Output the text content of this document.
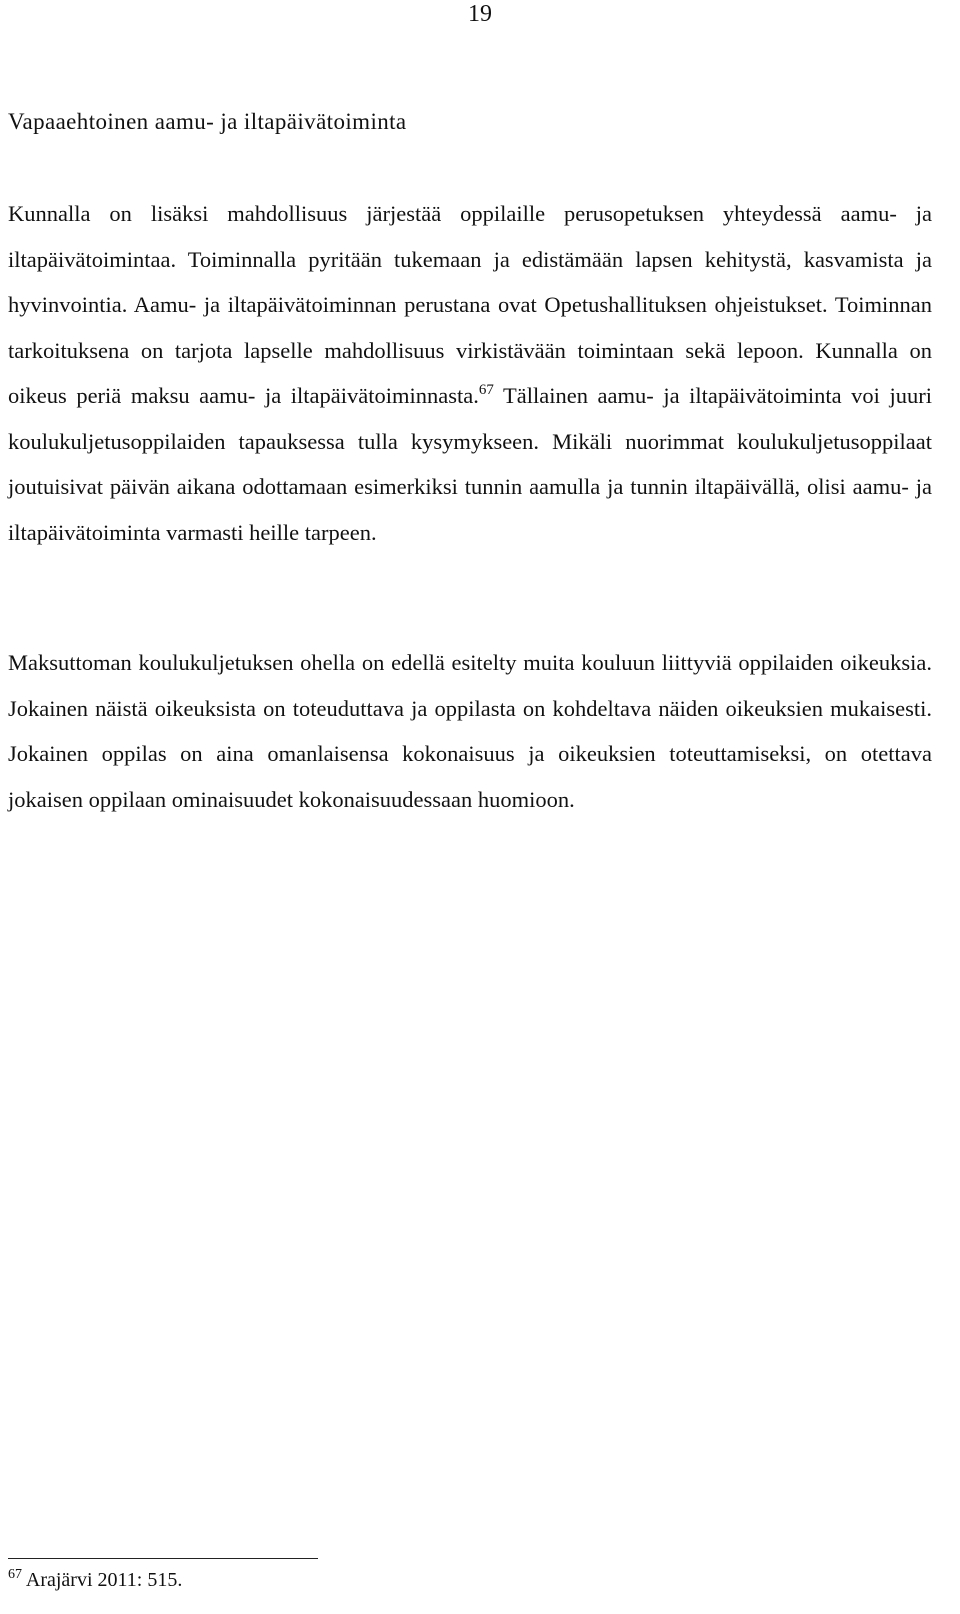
19
Vapaaehtoinen aamu- ja iltapäivätoiminta

Kunnalla on lisäksi mahdollisuus järjestää oppilaille perusopetuksen yhteydessä aamu- ja iltapäivätoimintaa. Toiminnalla pyritään tukemaan ja edistämään lapsen kehitystä, kasvamista ja hyvinvointia. Aamu- ja iltapäivätoiminnan perustana ovat Opetushallituksen ohjeistukset. Toiminnan tarkoituksena on tarjota lapselle mahdollisuus virkistävään toimintaan sekä lepoon. Kunnalla on oikeus periä maksu aamu- ja iltapäivätoiminnasta.$^{67}$ Tällainen aamu- ja iltapäivätoiminta voi juuri koulukuljetusoppilaiden tapauksessa tulla kysymykseen. Mikäli nuorimmat koulukuljetusoppilaat joutuisivat päivän aikana odottamaan esimerkiksi tunnin aamulla ja tunnin iltapäivällä, olisi aamu- ja iltapäivätoiminta varmasti heille tarpeen.

Maksuttoman koulukuljetuksen ohella on edellä esitelty muita kouluun liittyviä oppilaiden oikeuksia. Jokainen näistä oikeuksista on toteuduttava ja oppilasta on kohdeltava näiden oikeuksien mukaisesti. Jokainen oppilas on aina omanlaisensa kokonaisuus ja oikeuksien toteuttamiseksi, on otettava jokaisen oppilaan ominaisuudet kokonaisuudessaan huomioon.

$^{67}$ Arajärvi 2011: 515.
